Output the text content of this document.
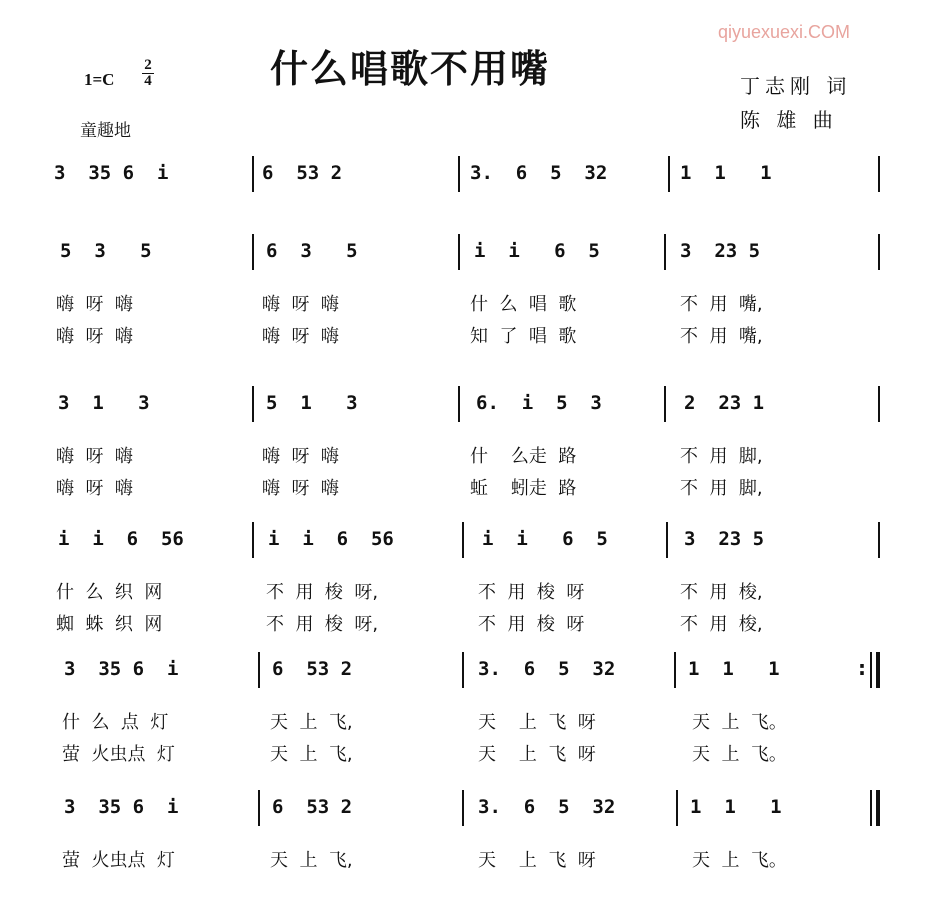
qiyuexuexi.COM
什么唱歌不用嘴
$1=C \frac{2}{4}$
童趣地
丁志刚 词
陈 雄 曲
3  35 6  i	6  53 2	3.  6  5  32	1  1   1
5  3   5	6  3   5	i  i   6  5	3  23 5
嗨  呀  嗨	嗨  呀  嗨	什  么  唱  歌	不  用  嘴,
嗨  呀  嗨	嗨  呀  嗨	知  了  唱  歌	不  用  嘴,
3  1   3	5  1   3	6.  i  5  3	2  23 1
嗨  呀  嗨	嗨  呀  嗨	什    么走  路	不  用  脚,
嗨  呀  嗨	嗨  呀  嗨	蚯    蚓走  路	不  用  脚,
i  i  6  56	i  i  6  56	i  i   6  5	3  23 5
什  么  织  网	不  用  梭  呀,	不  用  梭  呀	不  用  梭,
蜘  蛛  织  网	不  用  梭  呀,	不  用  梭  呀	不  用  梭,
3  35 6  i	6  53 2	3.  6  5  32	1  1   1	:
什  么  点  灯	天  上  飞,	天    上  飞  呀	天  上  飞。
萤  火虫点  灯	天  上  飞,	天    上  飞  呀	天  上  飞。
3  35 6  i	6  53 2	3.  6  5  32	1  1   1
萤  火虫点  灯	天  上  飞,	天    上  飞  呀	天  上  飞。
